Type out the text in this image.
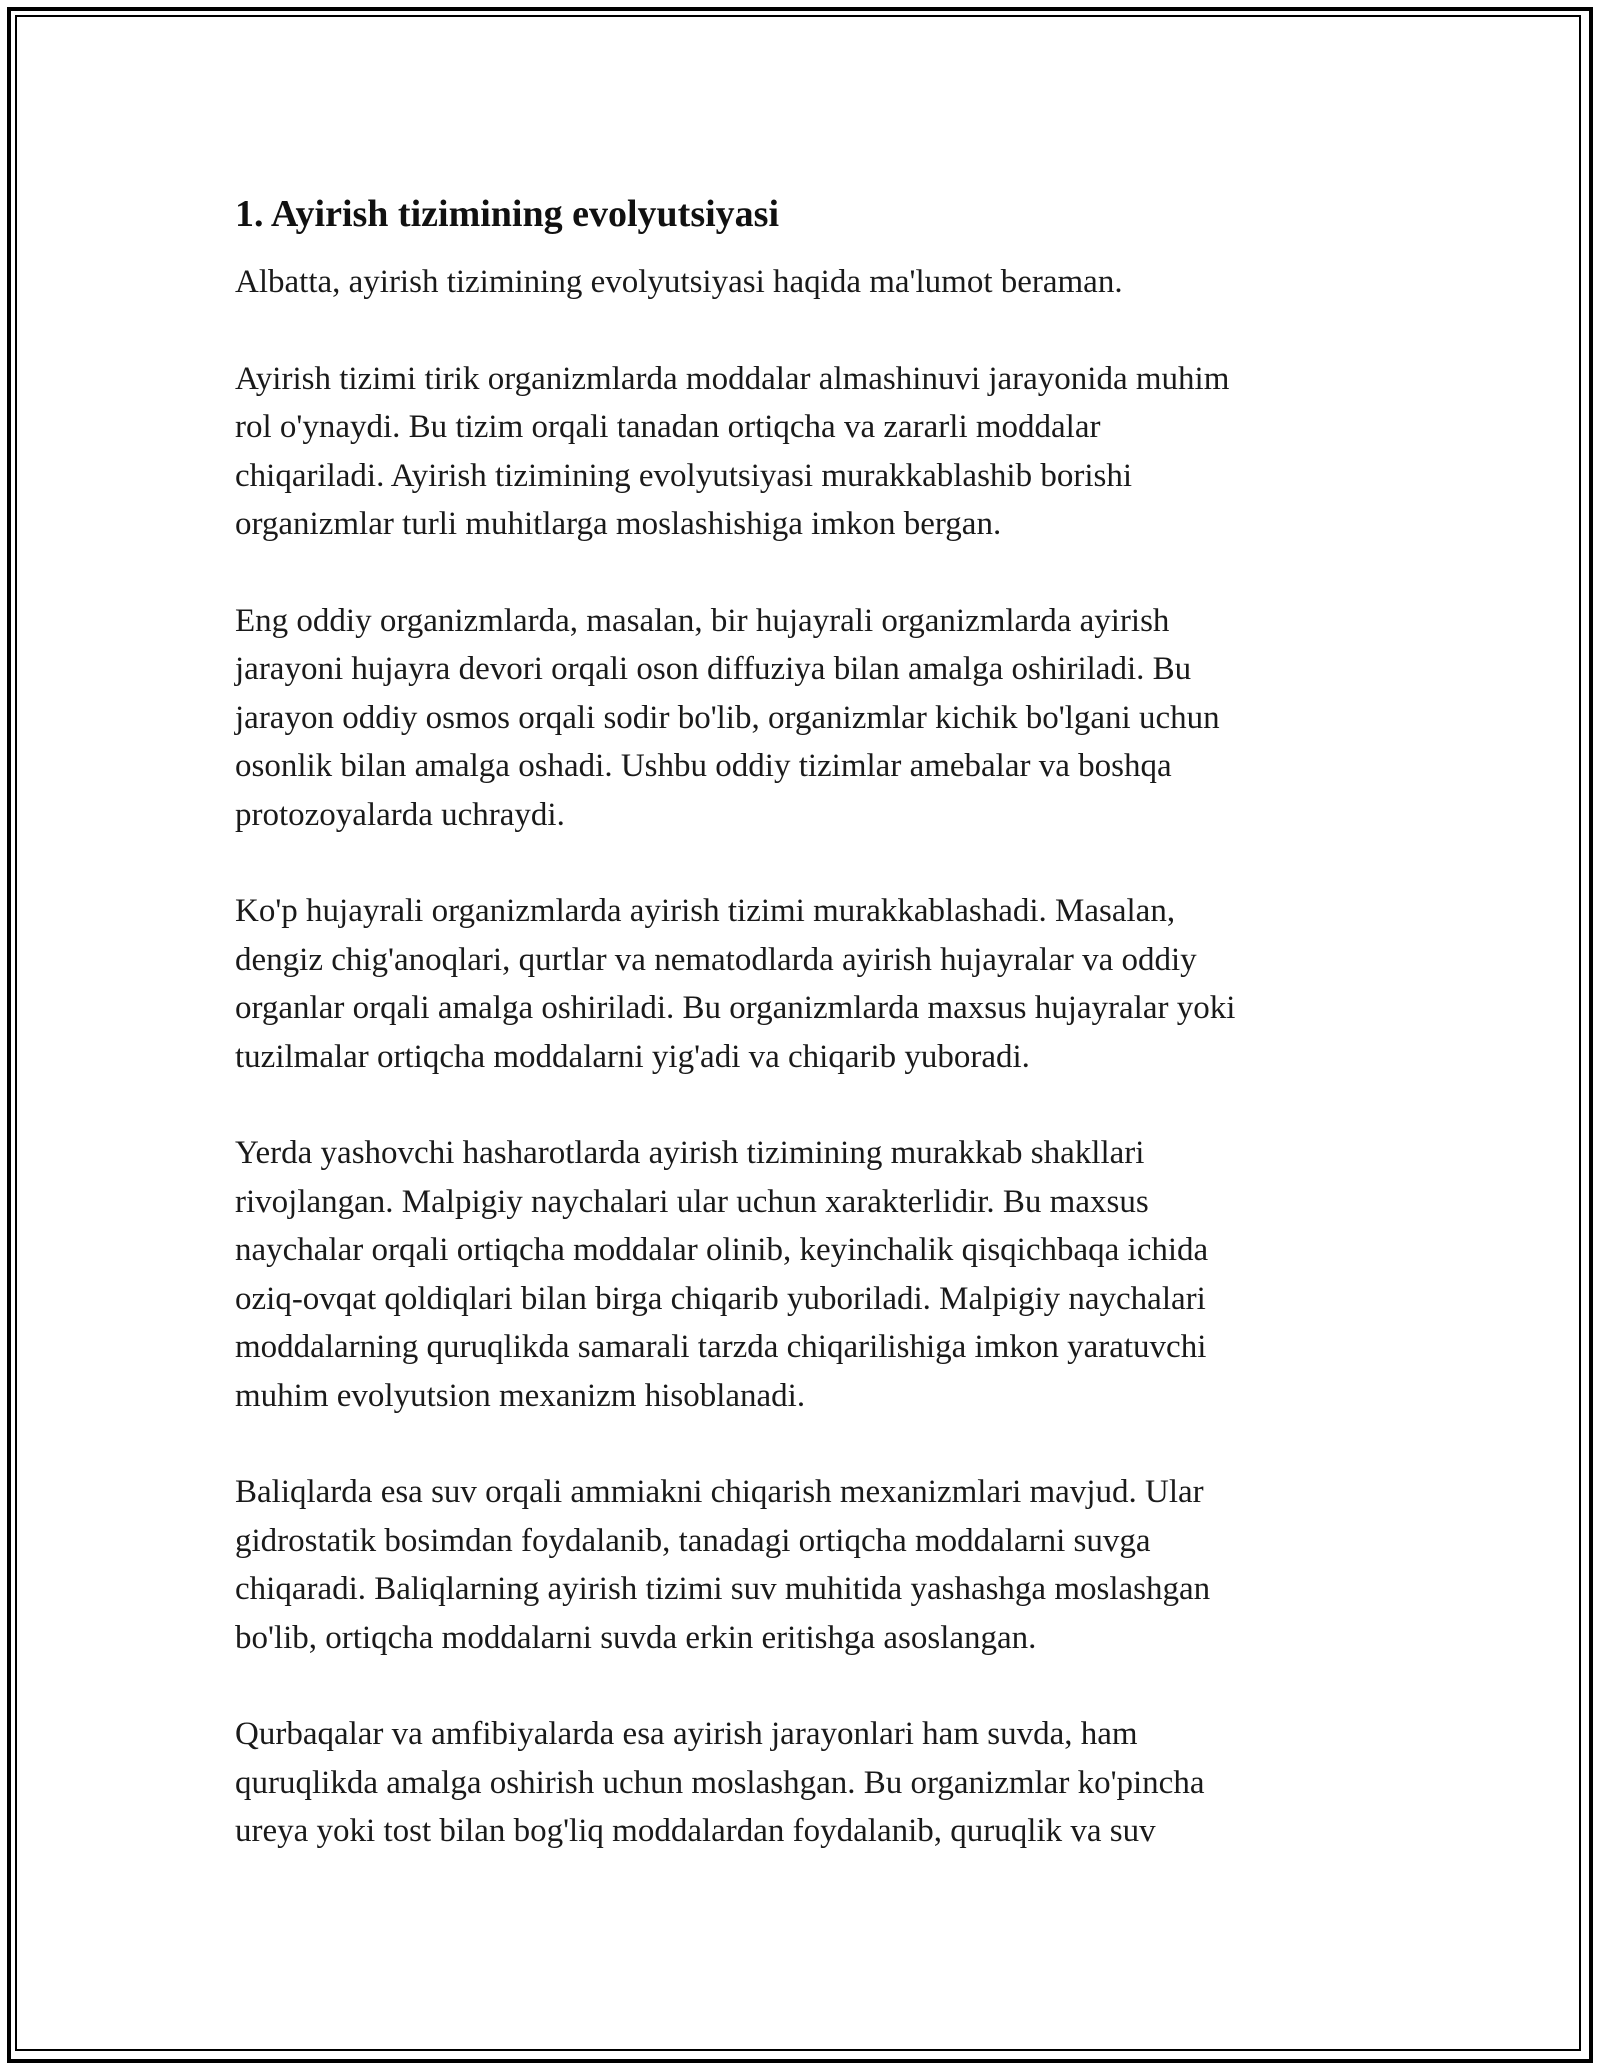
1. Ayirish tizimining evolyutsiyasi

Albatta, ayirish tizimining evolyutsiyasi haqida ma'lumot beraman.

Ayirish tizimi tirik organizmlarda moddalar almashinuvi jarayonida muhim
rol o'ynaydi. Bu tizim orqali tanadan ortiqcha va zararli moddalar
chiqariladi. Ayirish tizimining evolyutsiyasi murakkablashib borishi
organizmlar turli muhitlarga moslashishiga imkon bergan.

Eng oddiy organizmlarda, masalan, bir hujayrali organizmlarda ayirish
jarayoni hujayra devori orqali oson diffuziya bilan amalga oshiriladi. Bu
jarayon oddiy osmos orqali sodir bo'lib, organizmlar kichik bo'lgani uchun
osonlik bilan amalga oshadi. Ushbu oddiy tizimlar amebalar va boshqa
protozoyalarda uchraydi.

Ko'p hujayrali organizmlarda ayirish tizimi murakkablashadi. Masalan,
dengiz chig'anoqlari, qurtlar va nematodlarda ayirish hujayralar va oddiy
organlar orqali amalga oshiriladi. Bu organizmlarda maxsus hujayralar yoki
tuzilmalar ortiqcha moddalarni yig'adi va chiqarib yuboradi.

Yerda yashovchi hasharotlarda ayirish tizimining murakkab shakllari
rivojlangan. Malpigiy naychalari ular uchun xarakterlidir. Bu maxsus
naychalar orqali ortiqcha moddalar olinib, keyinchalik qisqichbaqa ichida
oziq-ovqat qoldiqlari bilan birga chiqarib yuboriladi. Malpigiy naychalari
moddalarning quruqlikda samarali tarzda chiqarilishiga imkon yaratuvchi
muhim evolyutsion mexanizm hisoblanadi.

Baliqlarda esa suv orqali ammiakni chiqarish mexanizmlari mavjud. Ular
gidrostatik bosimdan foydalanib, tanadagi ortiqcha moddalarni suvga
chiqaradi. Baliqlarning ayirish tizimi suv muhitida yashashga moslashgan
bo'lib, ortiqcha moddalarni suvda erkin eritishga asoslangan.

Qurbaqalar va amfibiyalarda esa ayirish jarayonlari ham suvda, ham
quruqlikda amalga oshirish uchun moslashgan. Bu organizmlar ko'pincha
ureya yoki tost bilan bog'liq moddalardan foydalanib, quruqlik va suv
